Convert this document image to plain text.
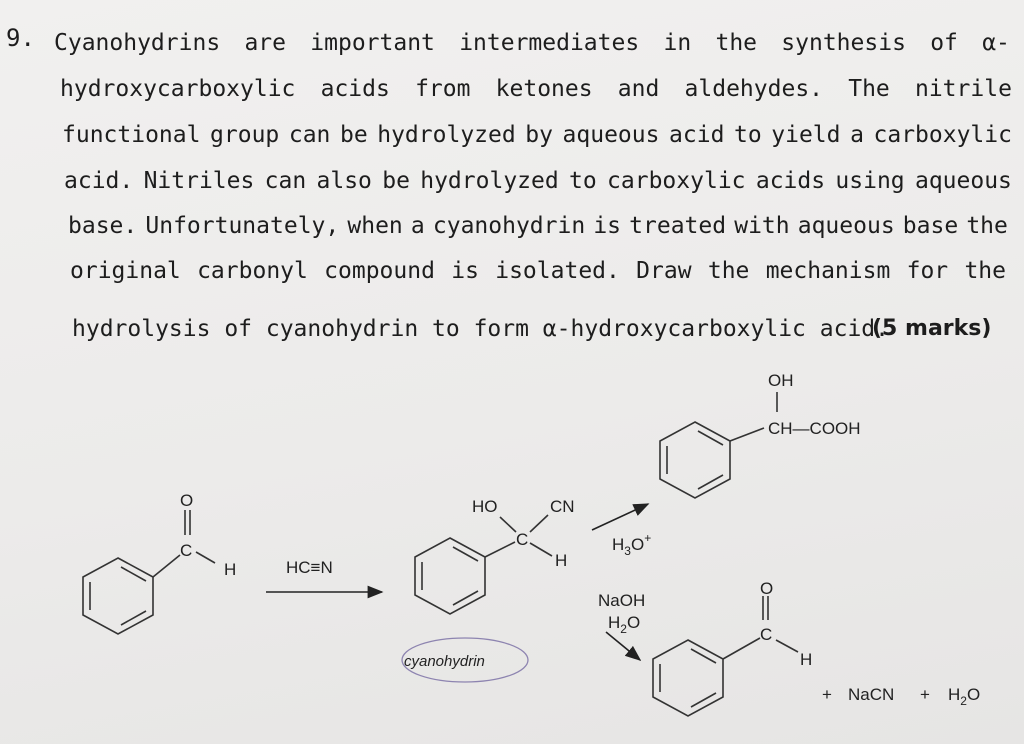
9. Cyanohydrins are important intermediates in the synthesis of α-
hydroxycarboxylic acids from ketones and aldehydes. The nitrile
functional group can be hydrolyzed by aqueous acid to yield a carboxylic
acid. Nitriles can also be hydrolyzed to carboxylic acids using aqueous
base. Unfortunately, when a cyanohydrin is treated with aqueous base the
original carbonyl compound is isolated. Draw the mechanism for the
hydrolysis of cyanohydrin to form α-hydroxycarboxylic acid.
(5 marks)
O
C
H	HC≡N
HO	CN
C
H
cyanohydrin
$H_3O^+$
OH
CH—COOH
NaOH
$H_2O$
O
C
H
+ NaCN + $H_2O$
